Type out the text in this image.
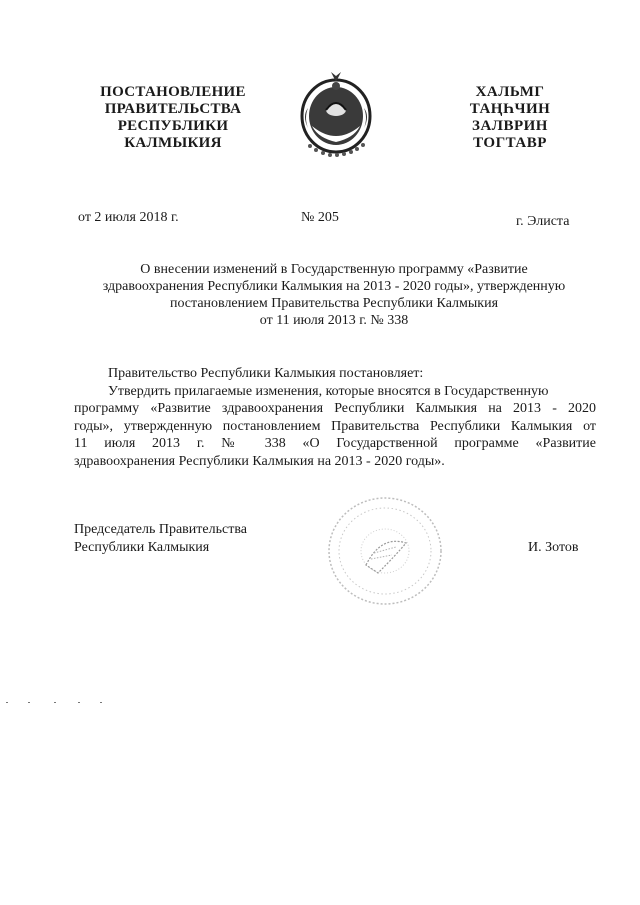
ПОСТАНОВЛЕНИЕ
ПРАВИТЕЛЬСТВА
РЕСПУБЛИКИ
КАЛМЫКИЯ
ХАЛЬМГ
ТАҢҺЧИН
ЗАЛВРИН
ТОГТАВР
от 2 июля 2018 г.	№ 205	г. Элиста
О внесении изменений в Государственную программу «Развитие
здравоохранения Республики Калмыкия на 2013 - 2020 годы», утвержденную
постановлением Правительства Республики Калмыкия
от 11 июля 2013 г. № 338
Правительство Республики Калмыкия постановляет:
Утвердить прилагаемые изменения, которые вносятся в Государственную
программу «Развитие здравоохранения Республики Калмыкия на 2013 - 2020
годы», утвержденную постановлением Правительства Республики Калмыкия от
11 июля 2013 г. № 338 «О Государственной программе «Развитие
здравоохранения Республики Калмыкия на 2013 - 2020 годы».
Председатель Правительства
Республики Калмыкия	И. Зотов
